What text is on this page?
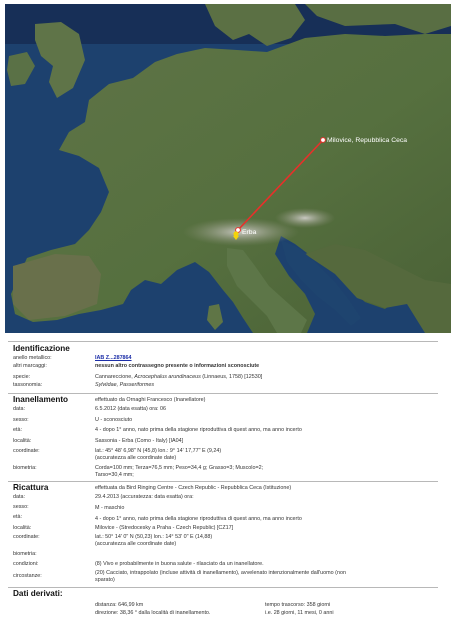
Milovice, Repubblica Ceca
Erba
Identificazione
anello metallico:	IAB Z...287864
altri marcaggi:	nessun altro contrassegno presente o informazioni sconosciute
specie:	Cannareccione, Acrocephalus arundinaceus (Linnaeus, 1758) [12530]
tassonomia:	Sylviidae, Passeriformes
Inanellamento	effettuato da Ornaghi Francesco (Inanellatore)
data:	6.5.2012 (data esatta) ora: 06
sesso:	U - sconosciuto
età:	4 - dopo 1° anno, nato prima della stagione riproduttiva di quest anno, ma anno incerto
località:	Sassonia - Erba (Como - Italy) [IA04]
coordinate:	lat.: 45° 48' 6,98" N (45,8) lon.: 9° 14' 17,77" E (9,24)
(accuratezza alle coordinate date)
biometria:	Corda=100 mm; Terza=76,5 mm; Peso=34,4 g; Grasso=3; Muscolo=2;
Tarso=30,4 mm;
Ricattura	effettuata da Bird Ringing Centre - Czech Republic - Repubblica Ceca (Istituzione)
data:	29.4.2013 (accuratezza: data esatta) ora:
sesso:	M - maschio
età:	4 - dopo 1° anno, nato prima della stagione riproduttiva di quest anno, ma anno incerto
località:	Milovice - (Stredocesky a Praha - Czech Republic) [CZ17]
coordinate:	lat.: 50° 14' 0" N (50,23) lon.: 14° 53' 0" E (14,88)
(accuratezza alle coordinate date)
biometria:
condizioni:	(8) Vivo e probabilmente in buona salute - rilasciato da un inanellatore.
circostanze:	(20) Cacciato, intrappolato (incluse attività di inanellamento), avvelenato intenzionalmente dall'uomo (non
sparato)
Dati derivati:
distanza: 646,99 km
direzione: 38,36 ° dalla località di inanellamento.
tempo trascorso: 358 giorni
i.e. 28 giorni, 11 mesi, 0 anni
